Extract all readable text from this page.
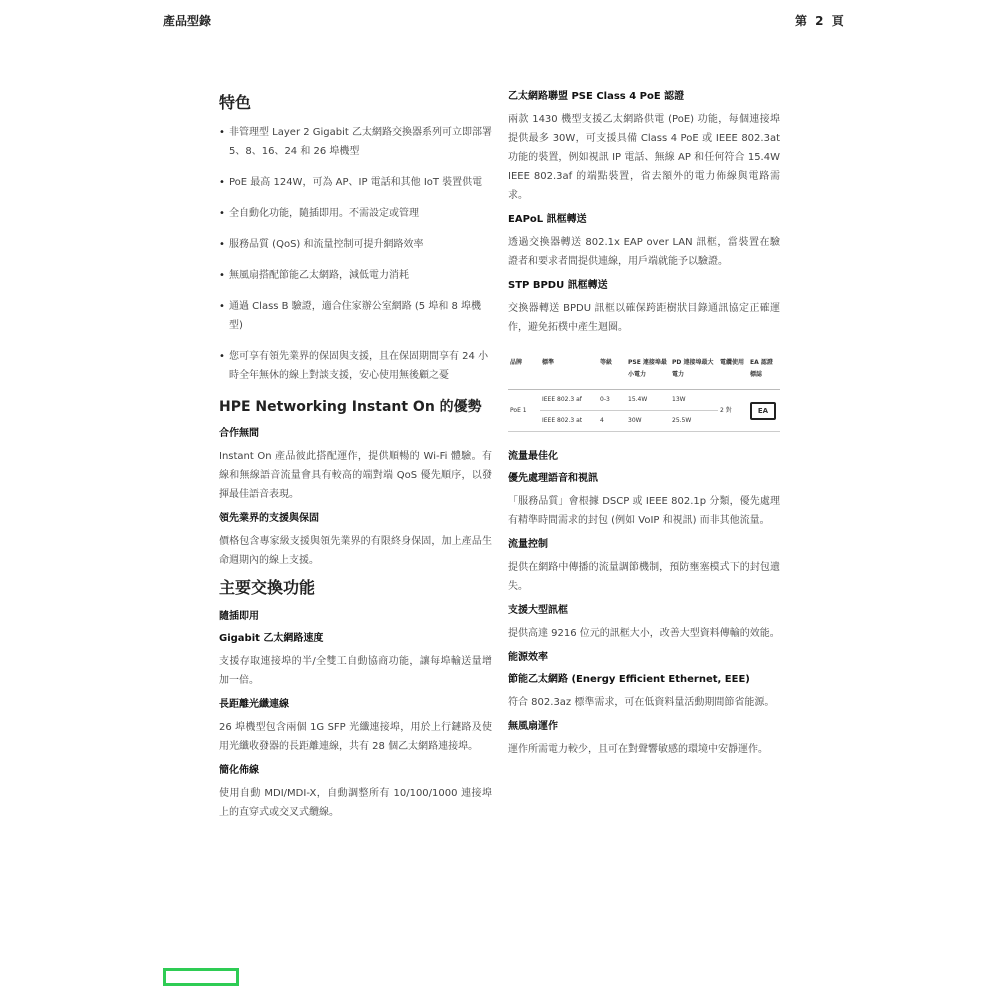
產品型錄	第 2 頁
特色
• 非管理型 Layer 2 Gigabit 乙太網路交換器系列可立即部署 5、8、16、24 和 26 埠機型
• PoE 最高 124W，可為 AP、IP 電話和其他 IoT 裝置供電
• 全自動化功能，隨插即用。不需設定或管理
• 服務品質 (QoS) 和流量控制可提升網路效率
• 無風扇搭配節能乙太網路，減低電力消耗
• 通過 Class B 驗證，適合住家辦公室網路 (5 埠和 8 埠機型)
• 您可享有領先業界的保固與支援，且在保固期間享有 24 小時全年無休的線上對談支援，安心使用無後顧之憂
HPE Networking Instant On 的優勢
合作無間
Instant On 產品彼此搭配運作，提供順暢的 Wi-Fi 體驗。有線和無線語音流量會具有較高的端對端 QoS 優先順序，以發揮最佳語音表現。
領先業界的支援與保固
價格包含專家級支援與領先業界的有限終身保固，加上產品生命週期內的線上支援。
主要交換功能
隨插即用
Gigabit 乙太網路速度
支援存取連接埠的半/全雙工自動協商功能，讓每埠輸送量增加一倍。
長距離光纖連線
26 埠機型包含兩個 1G SFP 光纖連接埠，用於上行鏈路及使用光纖收發器的長距離連線，共有 28 個乙太網路連接埠。
簡化佈線
使用自動 MDI/MDI-X，自動調整所有 10/100/1000 連接埠上的直穿式或交叉式纜線。
乙太網路聯盟 PSE Class 4 PoE 認證
兩款 1430 機型支援乙太網路供電 (PoE) 功能，每個連接埠提供最多 30W，可支援具備 Class 4 PoE 或 IEEE 802.3at 功能的裝置，例如視訊 IP 電話、無線 AP 和任何符合 15.4W IEEE 802.3af 的端點裝置，省去額外的電力佈線與電路需求。
EAPoL 訊框轉送
透過交換器轉送 802.1x EAP over LAN 訊框，當裝置在驗證者和要求者間提供連線，用戶端就能予以驗證。
STP BPDU 訊框轉送
交換器轉送 BPDU 訊框以確保跨距樹狀目錄通訊協定正確運作，避免拓樸中產生迴圈。
品牌	標準	等級	PSE 連接埠最小電力	PD 連接埠最大電力	電纜使用	EA 認證標誌
PoE 1	IEEE 802.3 af	0-3	15.4W	13W	2 對	EA
	IEEE 802.3 at	4	30W	25.5W		
流量最佳化
優先處理語音和視訊
「服務品質」會根據 DSCP 或 IEEE 802.1p 分類，優先處理有精準時間需求的封包 (例如 VoIP 和視訊) 而非其他流量。
流量控制
提供在網路中傳播的流量調節機制，預防壅塞模式下的封包遺失。
支援大型訊框
提供高達 9216 位元的訊框大小，改善大型資料傳輸的效能。
能源效率
節能乙太網路 (Energy Efficient Ethernet, EEE)
符合 802.3az 標準需求，可在低資料量活動期間節省能源。
無風扇運作
運作所需電力較少，且可在對聲響敏感的環境中安靜運作。
